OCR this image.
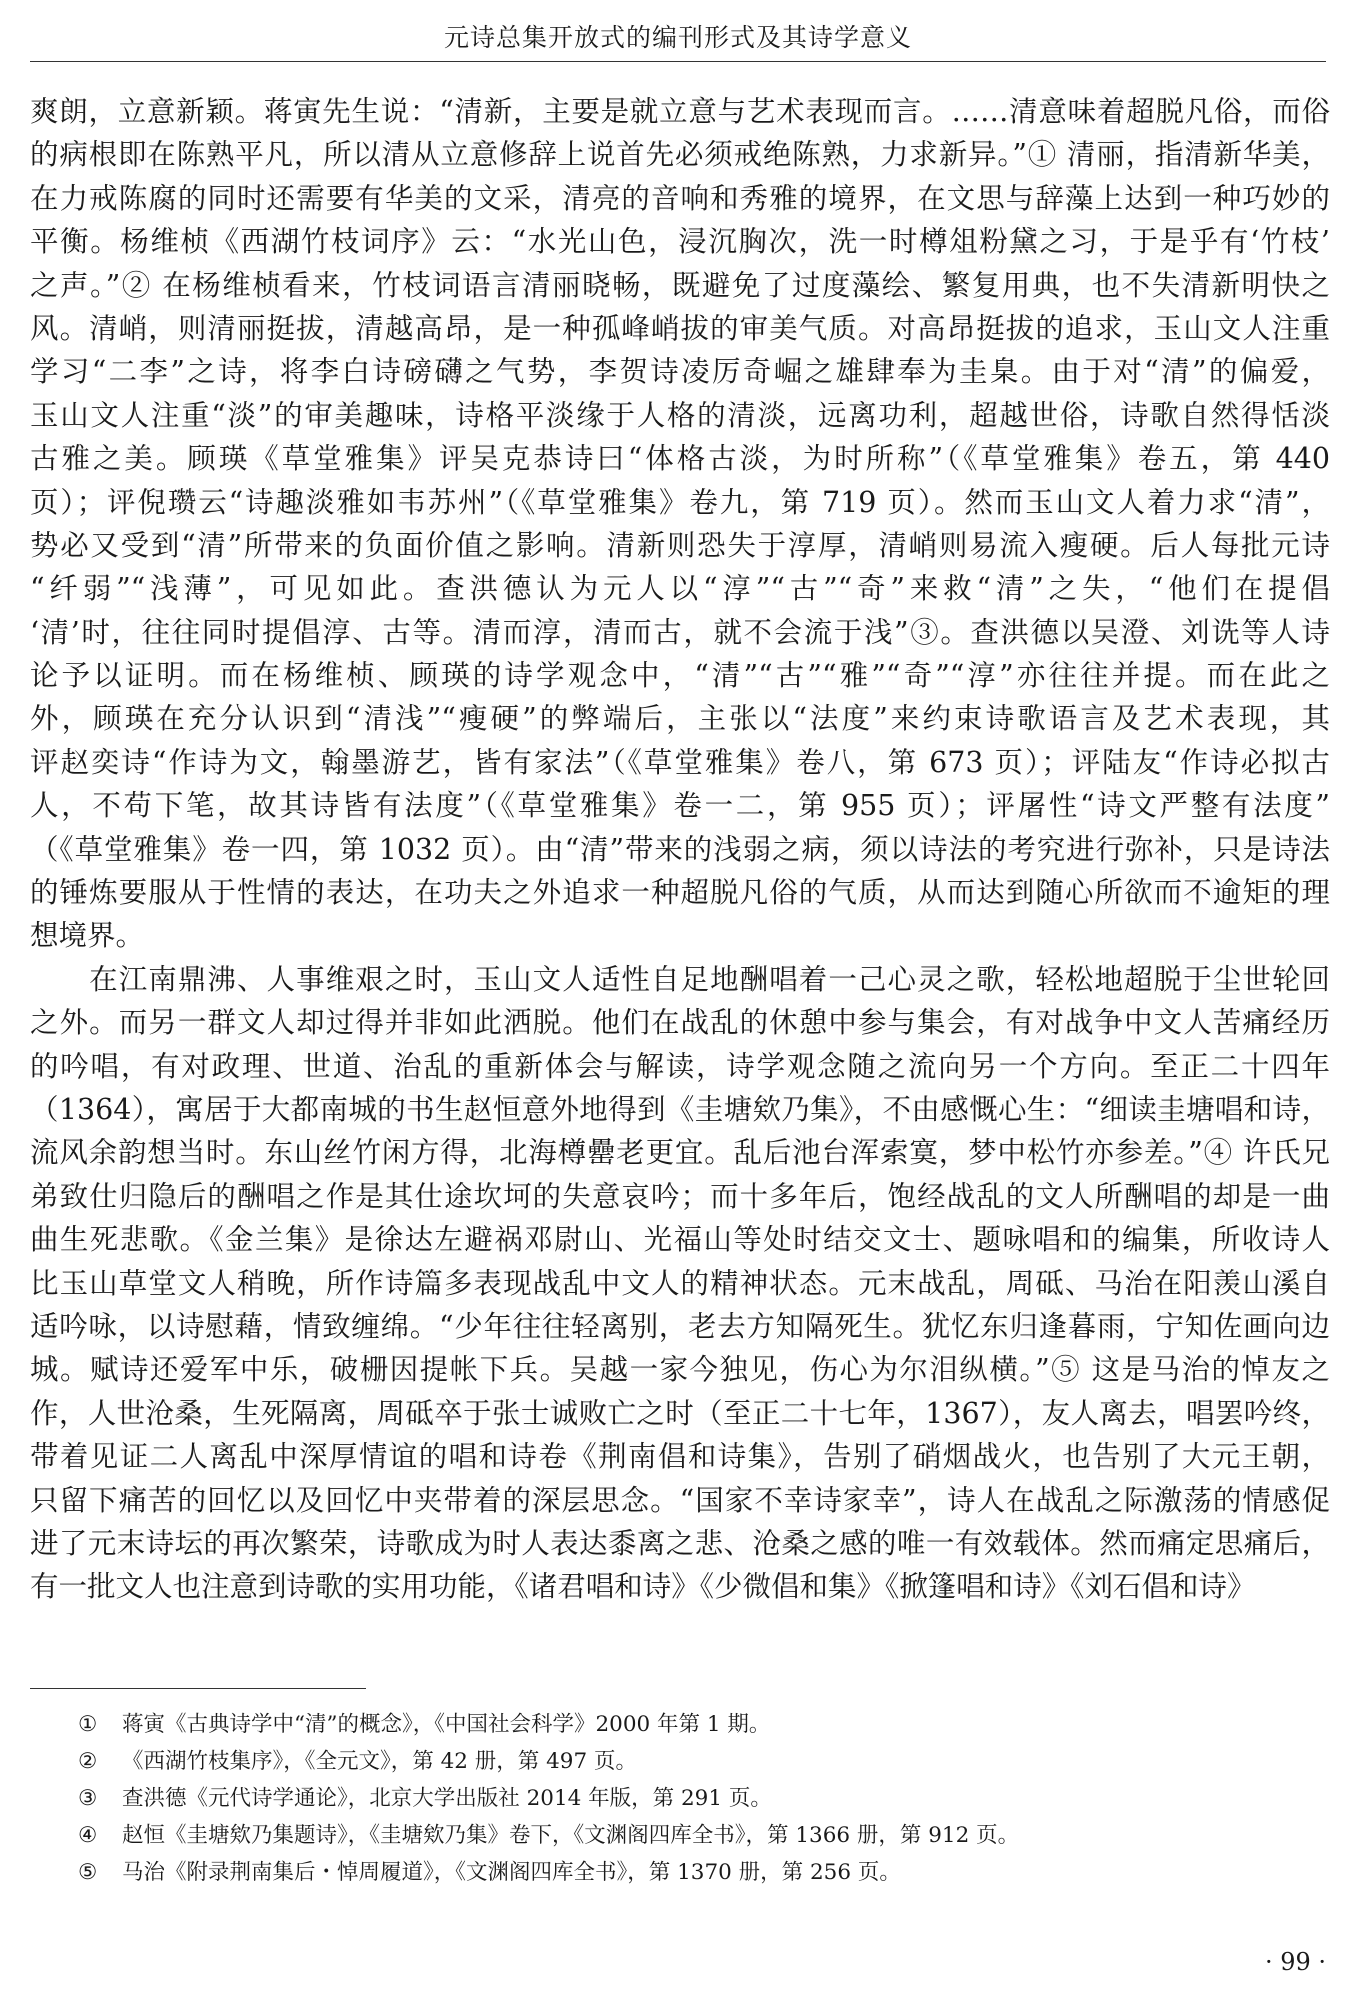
元诗总集开放式的编刊形式及其诗学意义
爽朗，立意新颖。蒋寅先生说：“清新，主要是就立意与艺术表现而言。……清意味着超脱凡俗，而俗
的病根即在陈熟平凡，所以清从立意修辞上说首先必须戒绝陈熟，力求新异。”① 清丽，指清新华美，
在力戒陈腐的同时还需要有华美的文采，清亮的音响和秀雅的境界，在文思与辞藻上达到一种巧妙的
平衡。杨维桢《西湖竹枝词序》云：“水光山色，浸沉胸次，洗一时樽俎粉黛之习，于是乎有‘竹枝’
之声。”② 在杨维桢看来，竹枝词语言清丽晓畅，既避免了过度藻绘、繁复用典，也不失清新明快之
风。清峭，则清丽挺拔，清越高昂，是一种孤峰峭拔的审美气质。对高昂挺拔的追求，玉山文人注重
学习“二李”之诗，将李白诗磅礴之气势，李贺诗凌厉奇崛之雄肆奉为圭臬。由于对“清”的偏爱，
玉山文人注重“淡”的审美趣味，诗格平淡缘于人格的清淡，远离功利，超越世俗，诗歌自然得恬淡
古雅之美。顾瑛《草堂雅集》评吴克恭诗曰“体格古淡，为时所称”（《草堂雅集》卷五，第 440
页）；评倪瓒云“诗趣淡雅如韦苏州”（《草堂雅集》卷九，第 719 页）。然而玉山文人着力求“清”，
势必又受到“清”所带来的负面价值之影响。清新则恐失于淳厚，清峭则易流入瘦硬。后人每批元诗
“纤弱”“浅薄”，可见如此。查洪德认为元人以“淳”“古”“奇”来救“清”之失，“他们在提倡
‘清’时，往往同时提倡淳、古等。清而淳，清而古，就不会流于浅”③。查洪德以吴澄、刘诜等人诗
论予以证明。而在杨维桢、顾瑛的诗学观念中，“清”“古”“雅”“奇”“淳”亦往往并提。而在此之
外，顾瑛在充分认识到“清浅”“瘦硬”的弊端后，主张以“法度”来约束诗歌语言及艺术表现，其
评赵奕诗“作诗为文，翰墨游艺，皆有家法”（《草堂雅集》卷八，第 673 页）；评陆友“作诗必拟古
人，不苟下笔，故其诗皆有法度”（《草堂雅集》卷一二，第 955 页）；评屠性“诗文严整有法度”
（《草堂雅集》卷一四，第 1032 页）。由“清”带来的浅弱之病，须以诗法的考究进行弥补，只是诗法
的锤炼要服从于性情的表达，在功夫之外追求一种超脱凡俗的气质，从而达到随心所欲而不逾矩的理
想境界。
　　在江南鼎沸、人事维艰之时，玉山文人适性自足地酬唱着一己心灵之歌，轻松地超脱于尘世轮回
之外。而另一群文人却过得并非如此洒脱。他们在战乱的休憩中参与集会，有对战争中文人苦痛经历
的吟唱，有对政理、世道、治乱的重新体会与解读，诗学观念随之流向另一个方向。至正二十四年
（1364），寓居于大都南城的书生赵恒意外地得到《圭塘欸乃集》，不由感慨心生：“细读圭塘唱和诗，
流风余韵想当时。东山丝竹闲方得，北海樽罍老更宜。乱后池台浑索寞，梦中松竹亦参差。”④ 许氏兄
弟致仕归隐后的酬唱之作是其仕途坎坷的失意哀吟；而十多年后，饱经战乱的文人所酬唱的却是一曲
曲生死悲歌。《金兰集》是徐达左避祸邓尉山、光福山等处时结交文士、题咏唱和的编集，所收诗人
比玉山草堂文人稍晚，所作诗篇多表现战乱中文人的精神状态。元末战乱，周砥、马治在阳羡山溪自
适吟咏，以诗慰藉，情致缠绵。“少年往往轻离别，老去方知隔死生。犹忆东归逢暮雨，宁知佐画向边
城。赋诗还爱军中乐，破栅因提帐下兵。吴越一家今独见，伤心为尔泪纵横。”⑤ 这是马治的悼友之
作，人世沧桑，生死隔离，周砥卒于张士诚败亡之时（至正二十七年，1367），友人离去，唱罢吟终，
带着见证二人离乱中深厚情谊的唱和诗卷《荆南倡和诗集》，告别了硝烟战火，也告别了大元王朝，
只留下痛苦的回忆以及回忆中夹带着的深层思念。“国家不幸诗家幸”，诗人在战乱之际激荡的情感促
进了元末诗坛的再次繁荣，诗歌成为时人表达黍离之悲、沧桑之感的唯一有效载体。然而痛定思痛后，
有一批文人也注意到诗歌的实用功能，《诸君唱和诗》《少微倡和集》《掀篷唱和诗》《刘石倡和诗》
① 蒋寅《古典诗学中“清”的概念》，《中国社会科学》2000 年第 1 期。
② 《西湖竹枝集序》，《全元文》，第 42 册，第 497 页。
③ 查洪德《元代诗学通论》，北京大学出版社 2014 年版，第 291 页。
④ 赵恒《圭塘欸乃集题诗》，《圭塘欸乃集》卷下，《文渊阁四库全书》，第 1366 册，第 912 页。
⑤ 马治《附录荆南集后・悼周履道》，《文渊阁四库全书》，第 1370 册，第 256 页。
· 99 ·
